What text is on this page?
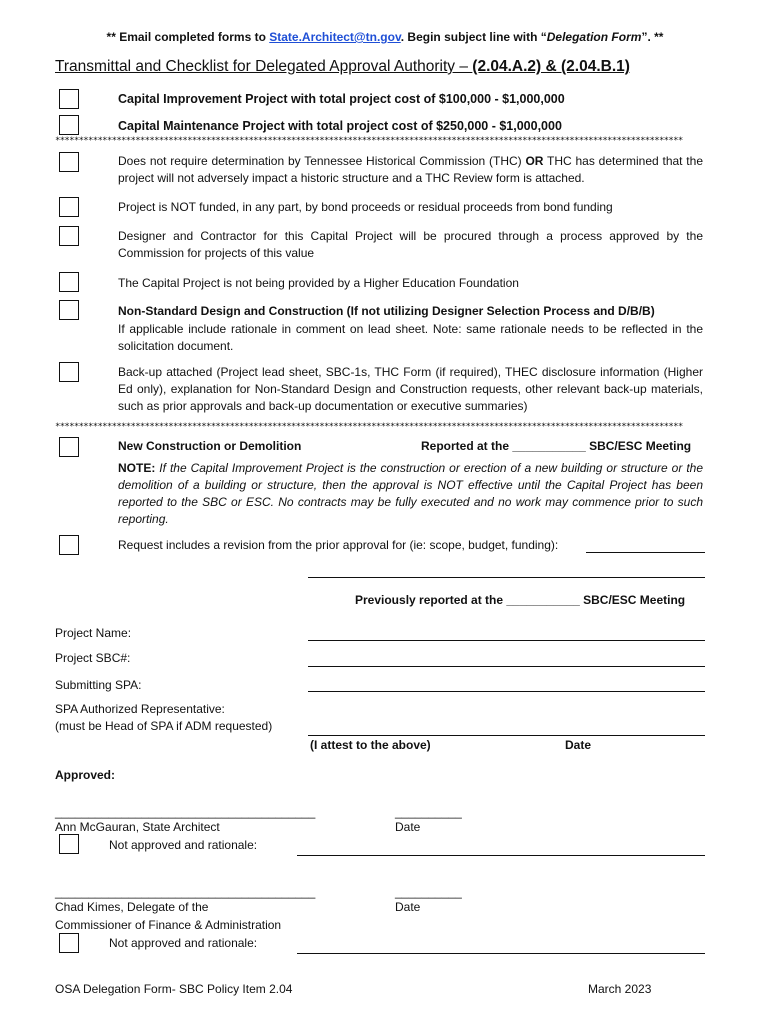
** Email completed forms to State.Architect@tn.gov. Begin subject line with “Delegation Form”. **
Transmittal and Checklist for Delegated Approval Authority – (2.04.A.2) & (2.04.B.1)
Capital Improvement Project with total project cost of $100,000 - $1,000,000
Capital Maintenance Project with total project cost of $250,000 - $1,000,000
*************************************************************************************************************************************
Does not require determination by Tennessee Historical Commission (THC) OR THC has determined that the project will not adversely impact a historic structure and a THC Review form is attached.
Project is NOT funded, in any part, by bond proceeds or residual proceeds from bond funding
Designer and Contractor for this Capital Project will be procured through a process approved by the Commission for projects of this value
The Capital Project is not being provided by a Higher Education Foundation
Non-Standard Design and Construction (If not utilizing Designer Selection Process and D/B/B)
If applicable include rationale in comment on lead sheet. Note: same rationale needs to be reflected in the solicitation document.
Back-up attached (Project lead sheet, SBC-1s, THC Form (if required), THEC disclosure information (Higher Ed only), explanation for Non-Standard Design and Construction requests, other relevant back-up materials, such as prior approvals and back-up documentation or executive summaries)
*************************************************************************************************************************************
New Construction or Demolition	Reported at the ___________ SBC/ESC Meeting
NOTE: If the Capital Improvement Project is the construction or erection of a new building or structure or the demolition of a building or structure, then the approval is NOT effective until the Capital Project has been reported to the SBC or ESC. No contracts may be fully executed and no work may commence prior to such reporting.
Request includes a revision from the prior approval for (ie: scope, budget, funding):
Previously reported at the ___________ SBC/ESC Meeting
Project Name:
Project SBC#:
Submitting SPA:
SPA Authorized Representative:
(must be Head of SPA if ADM requested)
(I attest to the above)	Date
Approved:
_______________________________________	__________
Ann McGauran, State Architect	Date
Not approved and rationale:
_______________________________________	__________
Chad Kimes, Delegate of the	Date
Commissioner of Finance & Administration
Not approved and rationale:
OSA Delegation Form- SBC Policy Item 2.04	March 2023
